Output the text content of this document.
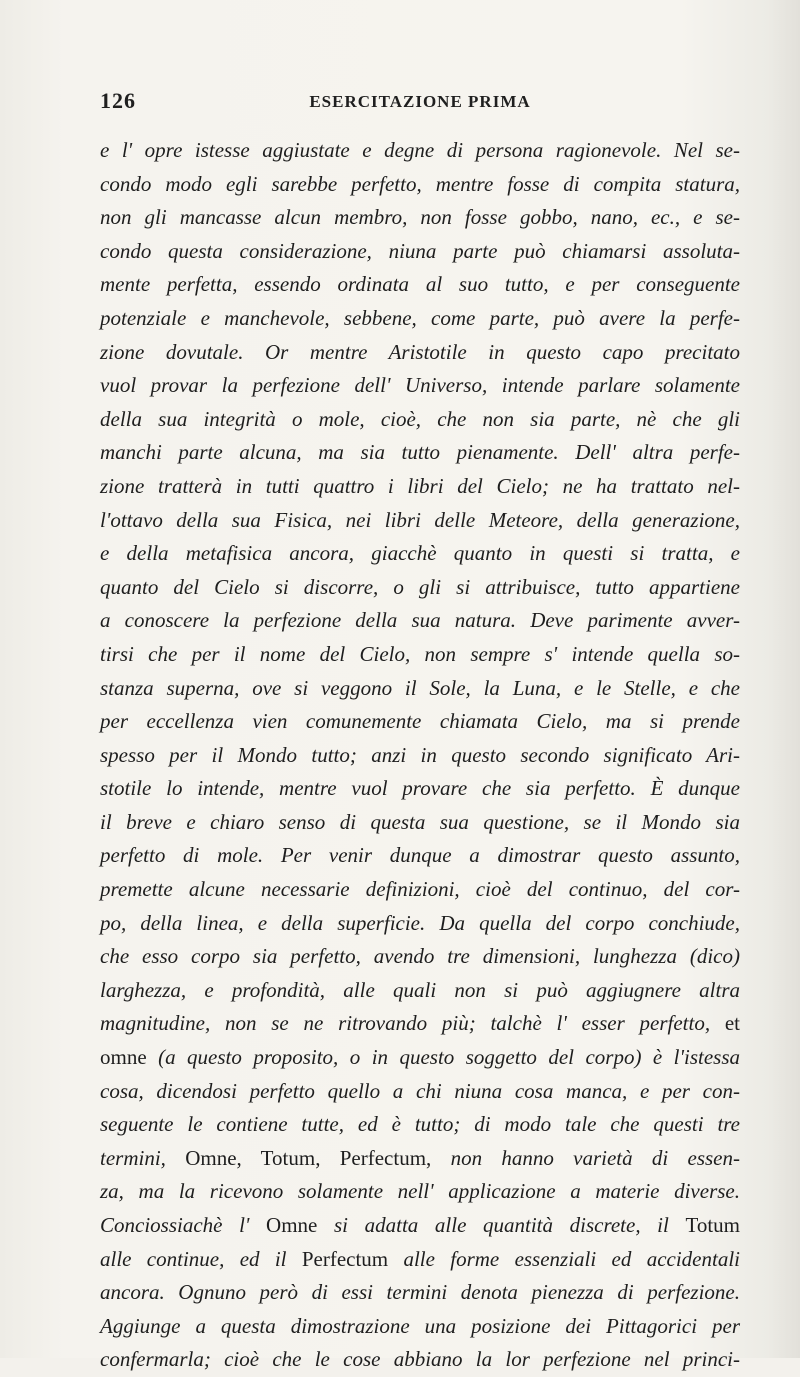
126	ESERCITAZIONE PRIMA
e l' opre istesse aggiustate e degne di persona ragionevole. Nel se-
condo modo egli sarebbe perfetto, mentre fosse di compita statura,
non gli mancasse alcun membro, non fosse gobbo, nano, ec., e se-
condo questa considerazione, niuna parte può chiamarsi assoluta-
mente perfetta, essendo ordinata al suo tutto, e per conseguente
potenziale e manchevole, sebbene, come parte, può avere la perfe-
zione dovutale. Or mentre Aristotile in questo capo precitato
vuol provar la perfezione dell' Universo, intende parlare solamente
della sua integrità o mole, cioè, che non sia parte, nè che gli
manchi parte alcuna, ma sia tutto pienamente. Dell' altra perfe-
zione tratterà in tutti quattro i libri del Cielo; ne ha trattato nel-
l'ottavo della sua Fisica, nei libri delle Meteore, della generazione,
e della metafisica ancora, giacchè quanto in questi si tratta, e
quanto del Cielo si discorre, o gli si attribuisce, tutto appartiene
a conoscere la perfezione della sua natura. Deve parimente avver-
tirsi che per il nome del Cielo, non sempre s' intende quella so-
stanza superna, ove si veggono il Sole, la Luna, e le Stelle, e che
per eccellenza vien comunemente chiamata Cielo, ma si prende
spesso per il Mondo tutto; anzi in questo secondo significato Ari-
stotile lo intende, mentre vuol provare che sia perfetto. È dunque
il breve e chiaro senso di questa sua questione, se il Mondo sia
perfetto di mole. Per venir dunque a dimostrar questo assunto,
premette alcune necessarie definizioni, cioè del continuo, del cor-
po, della linea, e della superficie. Da quella del corpo conchiude,
che esso corpo sia perfetto, avendo tre dimensioni, lunghezza (dico)
larghezza, e profondità, alle quali non si può aggiugnere altra
magnitudine, non se ne ritrovando più; talchè l' esser perfetto, et
omne (a questo proposito, o in questo soggetto del corpo) è l'istessa
cosa, dicendosi perfetto quello a chi niuna cosa manca, e per con-
seguente le contiene tutte, ed è tutto; di modo tale che questi tre
termini, Omne, Totum, Perfectum, non hanno varietà di essen-
za, ma la ricevono solamente nell' applicazione a materie diverse.
Conciossiachè l' Omne si adatta alle quantità discrete, il Totum
alle continue, ed il Perfectum alle forme essenziali ed accidentali
ancora. Ognuno però di essi termini denota pienezza di perfezione.
Aggiunge a questa dimostrazione una posizione dei Pittagorici per
confermarla; cioè che le cose abbiano la lor perfezione nel princi-
